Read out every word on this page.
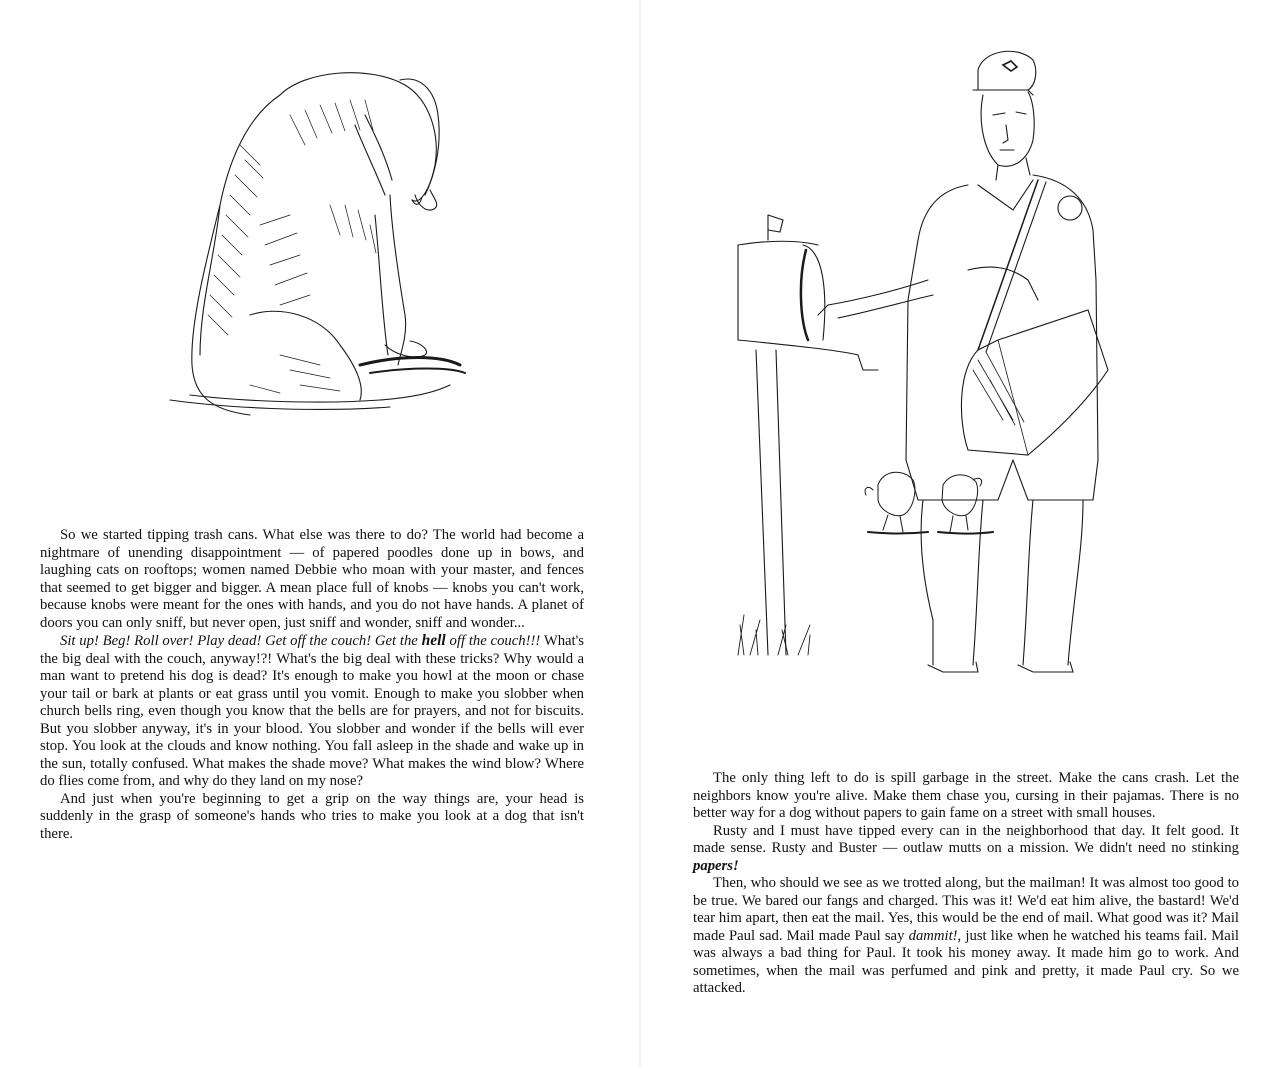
So we started tipping trash cans. What else was there to do? The world had become a nightmare of unending disappointment — of papered poodles done up in bows, and laughing cats on rooftops; women named Debbie who moan with your master, and fences that seemed to get bigger and bigger. A mean place full of knobs — knobs you can't work, because knobs were meant for the ones with hands, and you do not have hands. A planet of doors you can only sniff, but never open, just sniff and wonder, sniff and wonder...

Sit up! Beg! Roll over! Play dead! Get off the couch! Get the hell off the couch!!! What's the big deal with the couch, anyway!?! What's the big deal with these tricks? Why would a man want to pretend his dog is dead? It's enough to make you howl at the moon or chase your tail or bark at plants or eat grass until you vomit. Enough to make you slobber when church bells ring, even though you know that the bells are for prayers, and not for biscuits. But you slobber anyway, it's in your blood. You slobber and wonder if the bells will ever stop. You look at the clouds and know nothing. You fall asleep in the shade and wake up in the sun, totally confused. What makes the shade move? What makes the wind blow? Where do flies come from, and why do they land on my nose?

And just when you're beginning to get a grip on the way things are, your head is suddenly in the grasp of someone's hands who tries to make you look at a dog that isn't there.

The only thing left to do is spill garbage in the street. Make the cans crash. Let the neighbors know you're alive. Make them chase you, cursing in their pajamas. There is no better way for a dog without papers to gain fame on a street with small houses.

Rusty and I must have tipped every can in the neighborhood that day. It felt good. It made sense. Rusty and Buster — outlaw mutts on a mission. We didn't need no stinking papers!

Then, who should we see as we trotted along, but the mailman! It was almost too good to be true. We bared our fangs and charged. This was it! We'd eat him alive, the bastard! We'd tear him apart, then eat the mail. Yes, this would be the end of mail. What good was it? Mail made Paul sad. Mail made Paul say dammit!, just like when he watched his teams fail. Mail was always a bad thing for Paul. It took his money away. It made him go to work. And sometimes, when the mail was perfumed and pink and pretty, it made Paul cry. So we attacked.
